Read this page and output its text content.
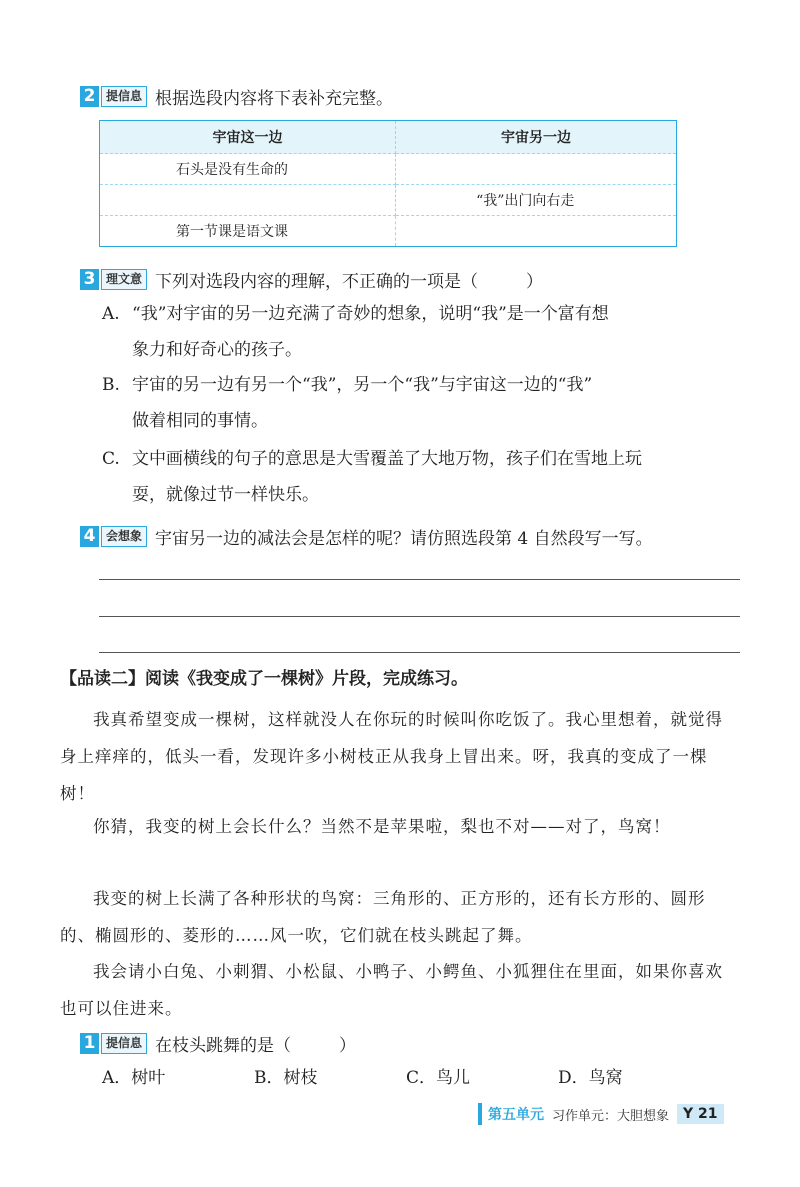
2 提信息 根据选段内容将下表补充完整。
宇宙这一边	宇宙另一边
石头是没有生命的	
	“我”出门向右走
第一节课是语文课	
3 理文意 下列对选段内容的理解，不正确的一项是（	）
A. “我”对宇宙的另一边充满了奇妙的想象，说明“我”是一个富有想
象力和好奇心的孩子。
B. 宇宙的另一边有另一个“我”，另一个“我”与宇宙这一边的“我”
做着相同的事情。
C. 文中画横线的句子的意思是大雪覆盖了大地万物，孩子们在雪地上玩
耍，就像过节一样快乐。
4 会想象 宇宙另一边的减法会是怎样的呢？请仿照选段第 4 自然段写一写。
【品读二】阅读《我变成了一棵树》片段，完成练习。
我真希望变成一棵树，这样就没人在你玩的时候叫你吃饭了。我心里想着，就觉得身上痒痒的，低头一看，发现许多小树枝正从我身上冒出来。呀，我真的变成了一棵树！
你猜，我变的树上会长什么？当然不是苹果啦，梨也不对——对了，鸟窝！
我变的树上长满了各种形状的鸟窝：三角形的、正方形的，还有长方形的、圆形的、椭圆形的、菱形的……风一吹，它们就在枝头跳起了舞。
我会请小白兔、小刺猬、小松鼠、小鸭子、小鳄鱼、小狐狸住在里面，如果你喜欢也可以住进来。
1 提信息 在枝头跳舞的是（	）
A．树叶	B．树枝	C．鸟儿	D．鸟窝
第五单元 习作单元：大胆想象	Y 21
